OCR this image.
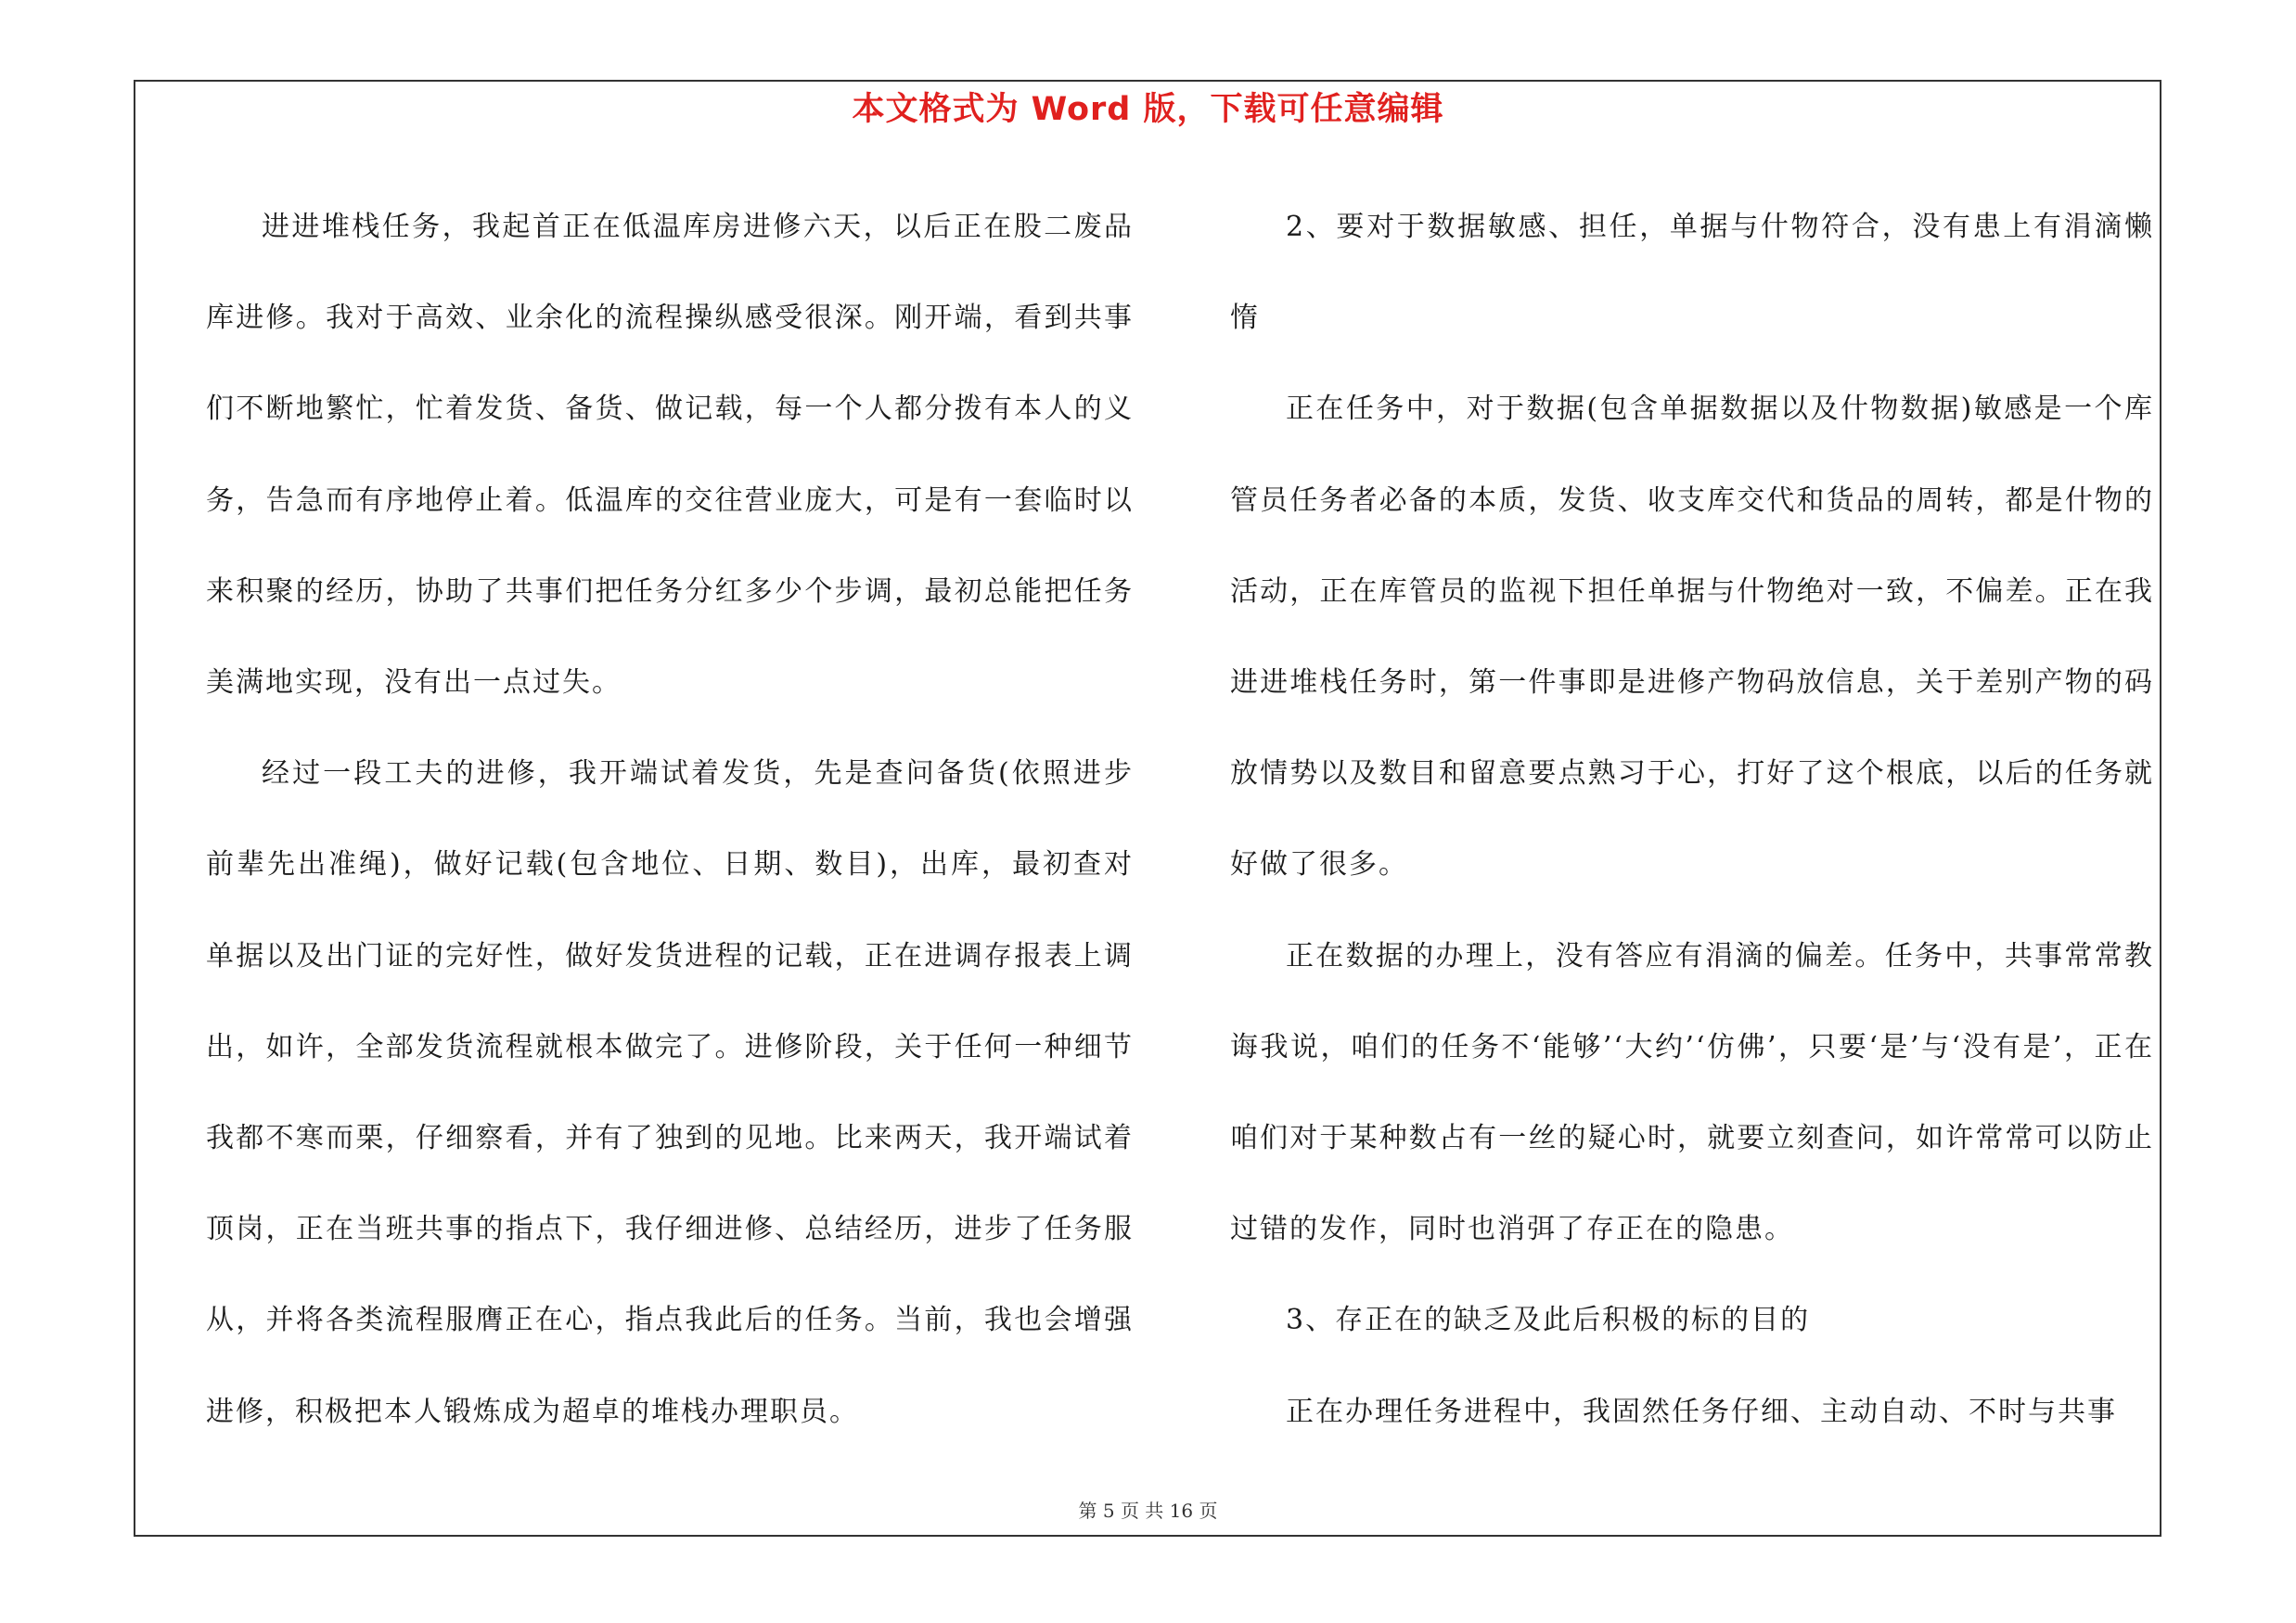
本文格式为 Word 版，下载可任意编辑

进进堆栈任务，我起首正在低温库房进修六天，以后正在股二废品库进修。我对于高效、业余化的流程操纵感受很深。刚开端，看到共事们不断地繁忙，忙着发货、备货、做记载，每一个人都分拨有本人的义务，告急而有序地停止着。低温库的交往营业庞大，可是有一套临时以来积聚的经历，协助了共事们把任务分红多少个步调，最初总能把任务美满地实现，没有出一点过失。

经过一段工夫的进修，我开端试着发货，先是查问备货(依照进步前辈先出准绳)，做好记载(包含地位、日期、数目)，出库，最初查对单据以及出门证的完好性，做好发货进程的记载，正在进调存报表上调出，如许，全部发货流程就根本做完了。进修阶段，关于任何一种细节我都不寒而栗，仔细察看，并有了独到的见地。比来两天，我开端试着顶岗，正在当班共事的指点下，我仔细进修、总结经历，进步了任务服从，并将各类流程服膺正在心，指点我此后的任务。当前，我也会增强进修，积极把本人锻炼成为超卓的堆栈办理职员。

2、要对于数据敏感、担任，单据与什物符合，没有患上有涓滴懒惰

正在任务中，对于数据(包含单据数据以及什物数据)敏感是一个库管员任务者必备的本质，发货、收支库交代和货品的周转，都是什物的活动，正在库管员的监视下担任单据与什物绝对一致，不偏差。正在我进进堆栈任务时，第一件事即是进修产物码放信息，关于差别产物的码放情势以及数目和留意要点熟习于心，打好了这个根底，以后的任务就好做了很多。

正在数据的办理上，没有答应有涓滴的偏差。任务中，共事常常教诲我说，咱们的任务不‘能够’‘大约’‘仿佛’，只要‘是’与‘没有是’，正在咱们对于某种数占有一丝的疑心时，就要立刻查问，如许常常可以防止过错的发作，同时也消弭了存正在的隐患。

3、存正在的缺乏及此后积极的标的目的

正在办理任务进程中，我固然任务仔细、主动自动、不时与共事

第 5 页 共 16 页
